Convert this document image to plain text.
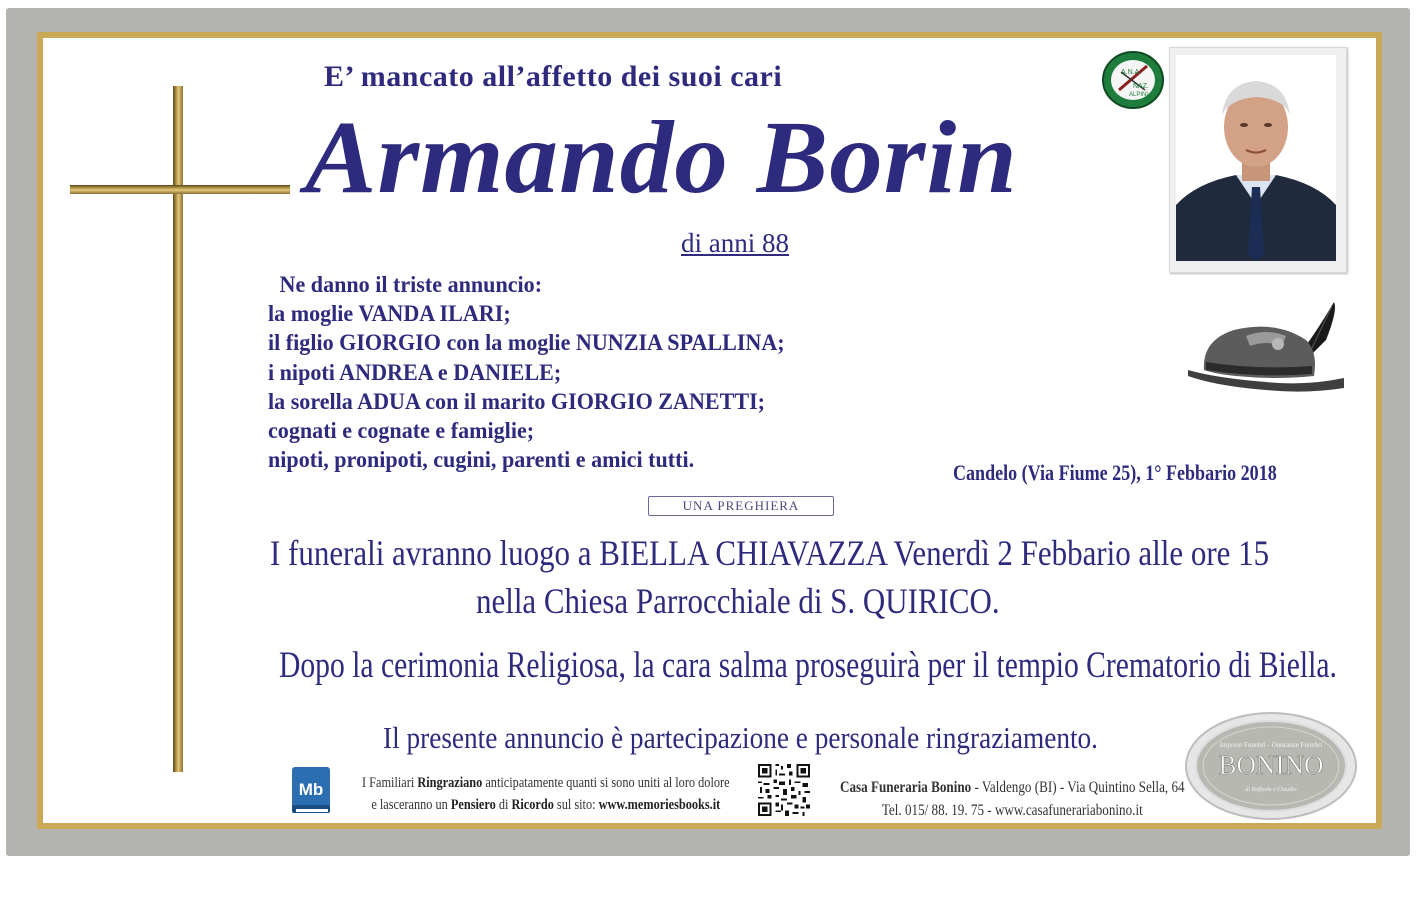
E’ mancato all’affetto dei suoi cari
Armando Borin
di anni 88
Ne danno il triste annuncio:
la moglie VANDA ILARI;
il figlio GIORGIO con la moglie NUNZIA SPALLINA;
i nipoti ANDREA e DANIELE;
la sorella ADUA con il marito GIORGIO ZANETTI;
cognati e cognate e famiglie;
nipoti, pronipoti, cugini, parenti e amici tutti.
Candelo (Via Fiume 25), 1° Febbario 2018
UNA PREGHIERA
I funerali avranno luogo a BIELLA CHIAVAZZA Venerdì 2 Febbario alle ore 15
nella Chiesa Parrocchiale di S. QUIRICO.
Dopo la cerimonia Religiosa, la cara salma proseguirà per il tempio Crematorio di Biella.
Il presente annuncio è partecipazione e personale ringraziamento.
Mb	I Familiari Ringraziano anticipatamente quanti si sono uniti al loro dolore
e lasceranno un Pensiero di Ricordo sul sito: www.memoriesbooks.it
Casa Funeraria Bonino - Valdengo (BI) - Via Quintino Sella, 64
Tel. 015/ 88. 19. 75 - www.casafunerariabonino.it
A.N.A.
NAZ.
ALPINI
Imprese Funebri - Onoranze Funebri
BONINO
di Raffaele e Claudio
